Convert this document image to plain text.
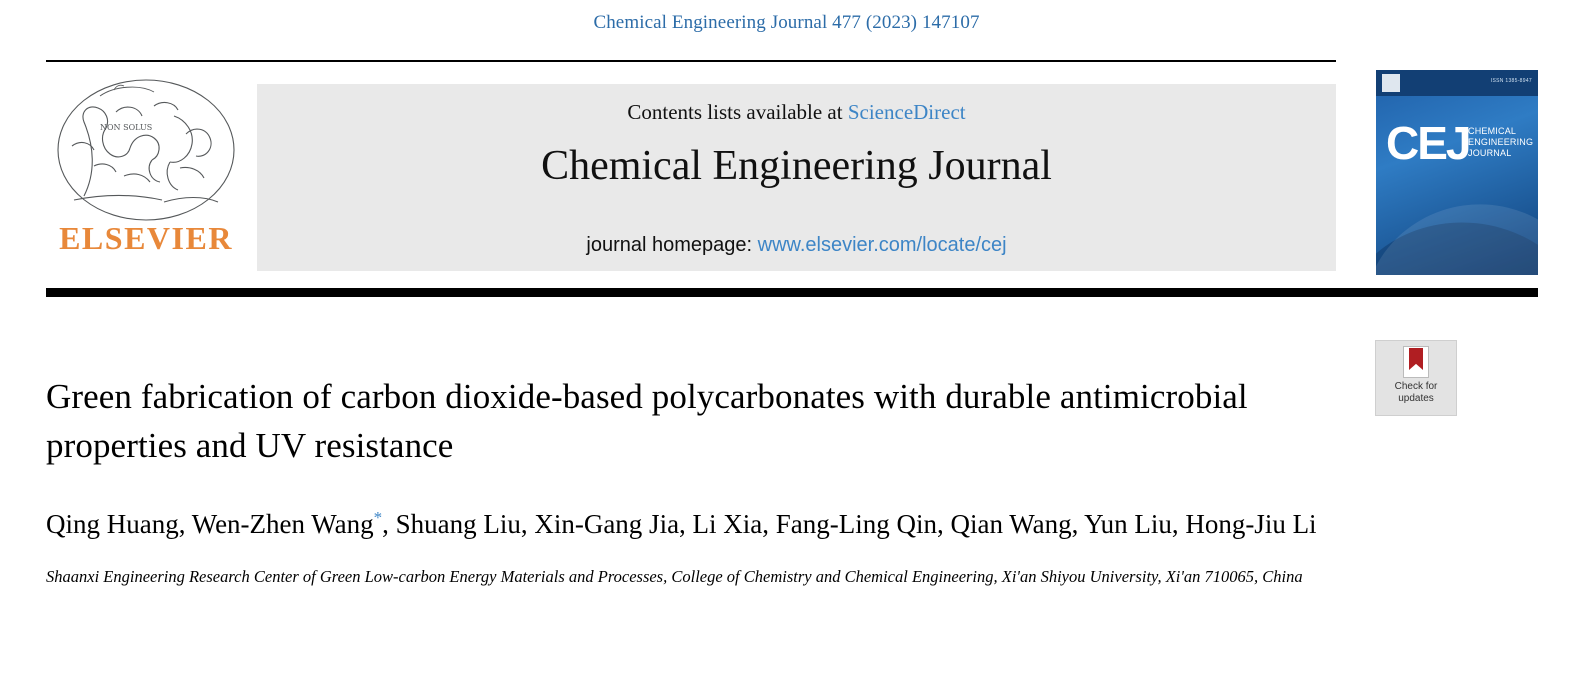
Chemical Engineering Journal 477 (2023) 147107
NON SOLUS
ELSEVIER
Contents lists available at ScienceDirect
Chemical Engineering Journal
journal homepage: www.elsevier.com/locate/cej
ISSN 1385-8947
CEJ
CHEMICAL
ENGINEERING
JOURNAL
Check for
updates
Green fabrication of carbon dioxide-based polycarbonates with durable antimicrobial properties and UV resistance
Qing Huang, Wen-Zhen Wang*, Shuang Liu, Xin-Gang Jia, Li Xia, Fang-Ling Qin, Qian Wang, Yun Liu, Hong-Jiu Li
Shaanxi Engineering Research Center of Green Low-carbon Energy Materials and Processes, College of Chemistry and Chemical Engineering, Xi'an Shiyou University, Xi'an 710065, China
